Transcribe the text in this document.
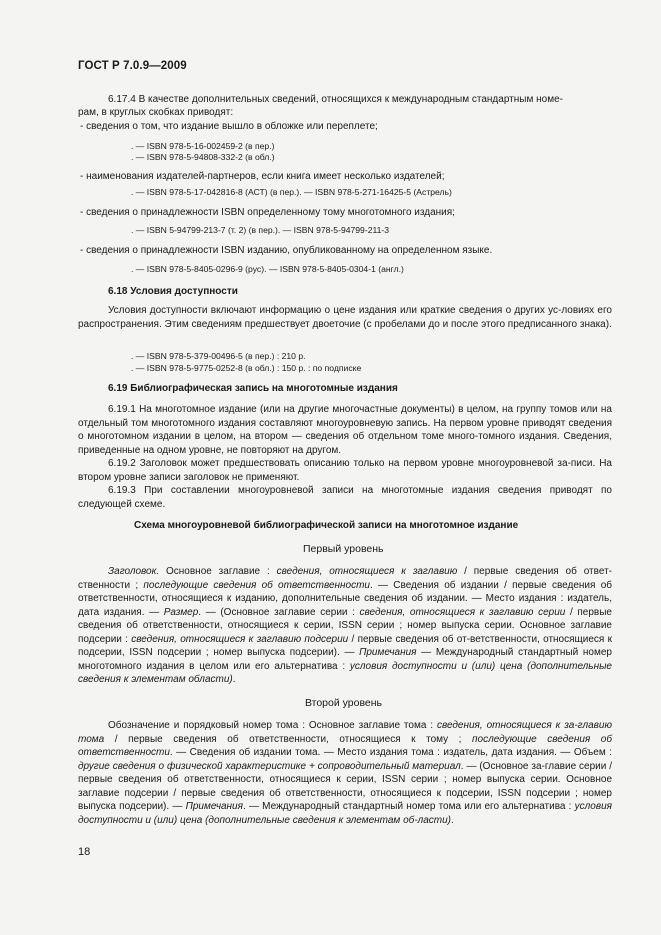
ГОСТ Р 7.0.9—2009
6.17.4 В качестве дополнительных сведений, относящихся к международным стандартным номе-
рам, в круглых скобках приводят:
- сведения о том, что издание вышло в обложке или переплете;
. — ISBN 978-5-16-002459-2 (в пер.)
. — ISBN 978-5-94808-332-2 (в обл.)
- наименования издателей-партнеров, если книга имеет несколько издателей;
. — ISBN 978-5-17-042816-8 (АСТ) (в пер.). — ISBN 978-5-271-16425-5 (Астрель)
- сведения о принадлежности ISBN определенному тому многотомного издания;
. — ISBN 5-94799-213-7 (т. 2) (в пер.). — ISBN 978-5-94799-211-3
- сведения о принадлежности ISBN изданию, опубликованному на определенном языке.
. — ISBN 978-5-8405-0296-9 (рус). — ISBN 978-5-8405-0304-1 (англ.)
6.18 Условия доступности

Условия доступности включают информацию о цене издания или краткие сведения о других ус-ловиях его распространения. Этим сведениям предшествует двоеточие (с пробелами до и после этого предписанного знака).

. — ISBN 978-5-379-00496-5 (в пер.) : 210 р.
. — ISBN 978-5-9775-0252-8 (в обл.) : 150 р. : по подписке
6.19 Библиографическая запись на многотомные издания

6.19.1 На многотомное издание (или на другие многочастные документы) в целом, на группу томов или на отдельный том многотомного издания составляют многоуровневую запись. На первом уровне приводят сведения о многотомном издании в целом, на втором — сведения об отдельном томе много-томного издания. Сведения, приведенные на одном уровне, не повторяют на другом.

6.19.2 Заголовок может предшествовать описанию только на первом уровне многоуровневой за-писи. На втором уровне записи заголовок не применяют.

6.19.3 При составлении многоуровневой записи на многотомные издания сведения приводят по следующей схеме.

Схема многоуровневой библиографической записи на многотомное издание
Первый уровень

Заголовок. Основное заглавие : сведения, относящиеся к заглавию / первые сведения об ответ-ственности ; последующие сведения об ответственности. — Сведения об издании / первые сведения об ответственности, относящиеся к изданию, дополнительные сведения об издании. — Место издания : издатель, дата издания. — Размер. — (Основное заглавие серии : сведения, относящиеся к заглавию серии / первые сведения об ответственности, относящиеся к серии, ISSN серии ; номер выпуска серии. Основное заглавие подсерии : сведения, относящиеся к заглавию подсерии / первые сведения об от-ветственности, относящиеся к подсерии, ISSN подсерии ; номер выпуска подсерии). — Примечания — Международный стандартный номер многотомного издания в целом или его альтернатива : условия доступности и (или) цена (дополнительные сведения к элементам области).

Второй уровень

Обозначение и порядковый номер тома : Основное заглавие тома : сведения, относящиеся к за-главию тома / первые сведения об ответственности, относящиеся к тому ; последующие сведения об ответственности. — Сведения об издании тома. — Место издания тома : издатель, дата издания. — Объем : другие сведения о физической характеристике + сопроводительный материал. — (Основное за-главие серии / первые сведения об ответственности, относящиеся к серии, ISSN серии ; номер выпуска серии. Основное заглавие подсерии / первые сведения об ответственности, относящиеся к подсерии, ISSN подсерии ; номер выпуска подсерии). — Примечания. — Международный стандартный номер тома или его альтернатива : условия доступности и (или) цена (дополнительные сведения к элементам об-ласти).

18
